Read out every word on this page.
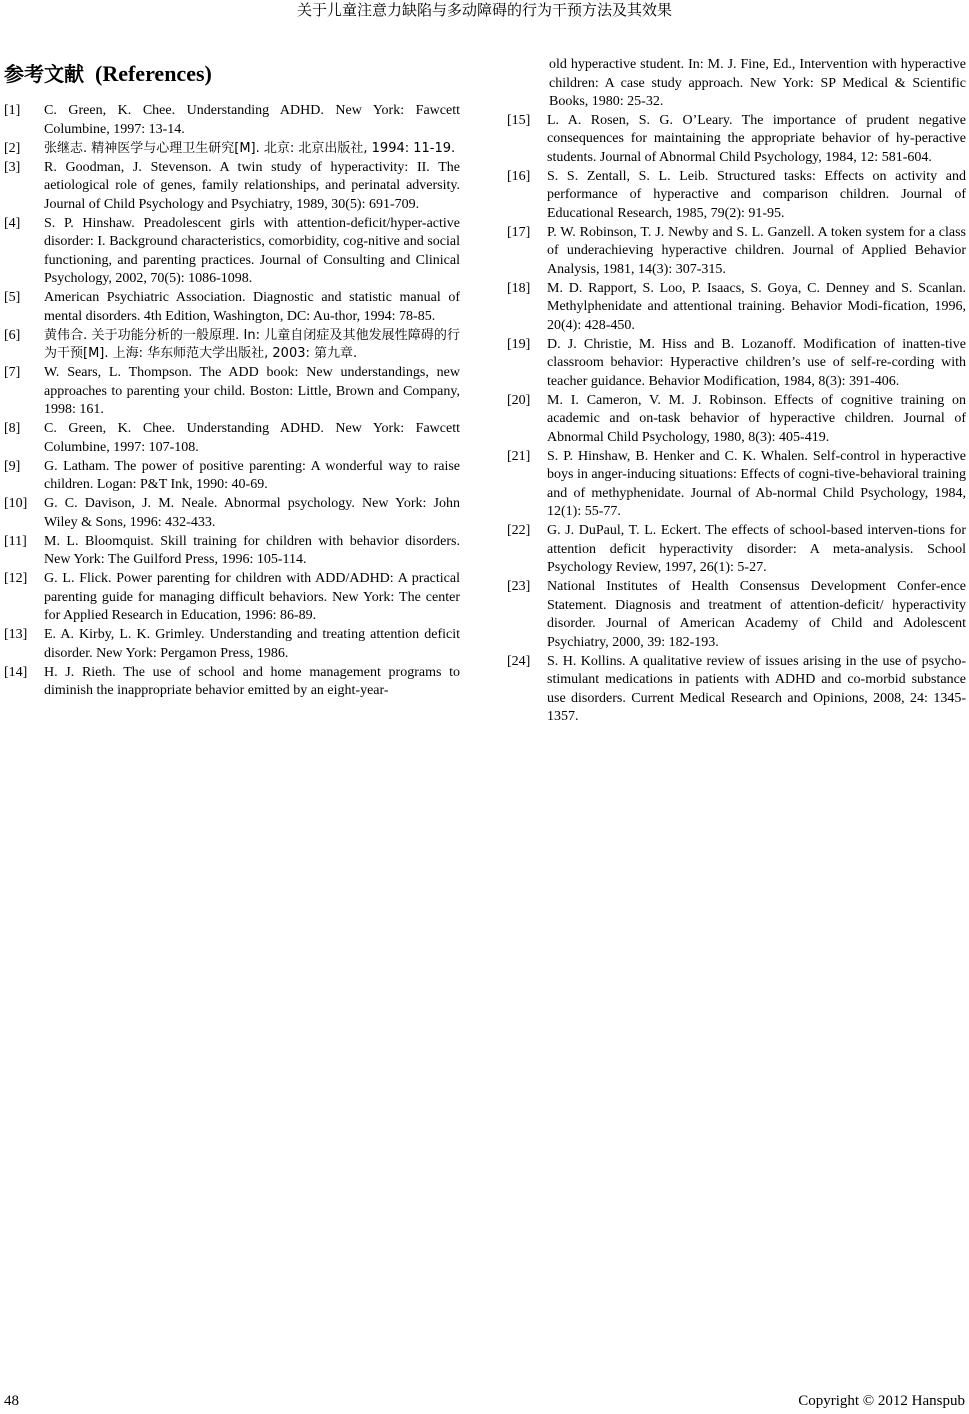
关于儿童注意力缺陷与多动障碍的行为干预方法及其效果
参考文献 (References)
[1]	C. Green, K. Chee. Understanding ADHD. New York: Fawcett Columbine, 1997: 13-14.
[2]	张继志. 精神医学与心理卫生研究[M]. 北京: 北京出版社, 1994: 11-19.
[3]	R. Goodman, J. Stevenson. A twin study of hyperactivity: II. The aetiological role of genes, family relationships, and perinatal adversity. Journal of Child Psychology and Psychiatry, 1989, 30(5): 691-709.
[4]	S. P. Hinshaw. Preadolescent girls with attention-deficit/hyper-active disorder: I. Background characteristics, comorbidity, cog-nitive and social functioning, and parenting practices. Journal of Consulting and Clinical Psychology, 2002, 70(5): 1086-1098.
[5]	American Psychiatric Association. Diagnostic and statistic manual of mental disorders. 4th Edition, Washington, DC: Au-thor, 1994: 78-85.
[6]	黄伟合. 关于功能分析的一般原理. In: 儿童自闭症及其他发展性障碍的行为干预[M]. 上海: 华东师范大学出版社, 2003: 第九章.
[7]	W. Sears, L. Thompson. The ADD book: New understandings, new approaches to parenting your child. Boston: Little, Brown and Company, 1998: 161.
[8]	C. Green, K. Chee. Understanding ADHD. New York: Fawcett Columbine, 1997: 107-108.
[9]	G. Latham. The power of positive parenting: A wonderful way to raise children. Logan: P&T Ink, 1990: 40-69.
[10]	G. C. Davison, J. M. Neale. Abnormal psychology. New York: John Wiley & Sons, 1996: 432-433.
[11]	M. L. Bloomquist. Skill training for children with behavior disorders. New York: The Guilford Press, 1996: 105-114.
[12]	G. L. Flick. Power parenting for children with ADD/ADHD: A practical parenting guide for managing difficult behaviors. New York: The center for Applied Research in Education, 1996: 86-89.
[13]	E. A. Kirby, L. K. Grimley. Understanding and treating attention deficit disorder. New York: Pergamon Press, 1986.
[14]	H. J. Rieth. The use of school and home management programs to diminish the inappropriate behavior emitted by an eight-year-
old hyperactive student. In: M. J. Fine, Ed., Intervention with hyperactive children: A case study approach. New York: SP Medical & Scientific Books, 1980: 25-32.
[15]	L. A. Rosen, S. G. O’Leary. The importance of prudent negative consequences for maintaining the appropriate behavior of hy-peractive students. Journal of Abnormal Child Psychology, 1984, 12: 581-604.
[16]	S. S. Zentall, S. L. Leib. Structured tasks: Effects on activity and performance of hyperactive and comparison children. Journal of Educational Research, 1985, 79(2): 91-95.
[17]	P. W. Robinson, T. J. Newby and S. L. Ganzell. A token system for a class of underachieving hyperactive children. Journal of Applied Behavior Analysis, 1981, 14(3): 307-315.
[18]	M. D. Rapport, S. Loo, P. Isaacs, S. Goya, C. Denney and S. Scanlan. Methylphenidate and attentional training. Behavior Modi-fication, 1996, 20(4): 428-450.
[19]	D. J. Christie, M. Hiss and B. Lozanoff. Modification of inatten-tive classroom behavior: Hyperactive children’s use of self-re-cording with teacher guidance. Behavior Modification, 1984, 8(3): 391-406.
[20]	M. I. Cameron, V. M. J. Robinson. Effects of cognitive training on academic and on-task behavior of hyperactive children. Journal of Abnormal Child Psychology, 1980, 8(3): 405-419.
[21]	S. P. Hinshaw, B. Henker and C. K. Whalen. Self-control in hyperactive boys in anger-inducing situations: Effects of cogni-tive-behavioral training and of methyphenidate. Journal of Ab-normal Child Psychology, 1984, 12(1): 55-77.
[22]	G. J. DuPaul, T. L. Eckert. The effects of school-based interven-tions for attention deficit hyperactivity disorder: A meta-analysis. School Psychology Review, 1997, 26(1): 5-27.
[23]	National Institutes of Health Consensus Development Confer-ence Statement. Diagnosis and treatment of attention-deficit/ hyperactivity disorder. Journal of American Academy of Child and Adolescent Psychiatry, 2000, 39: 182-193.
[24]	S. H. Kollins. A qualitative review of issues arising in the use of psycho-stimulant medications in patients with ADHD and co-morbid substance use disorders. Current Medical Research and Opinions, 2008, 24: 1345-1357.
48	Copyright © 2012 Hanspub
